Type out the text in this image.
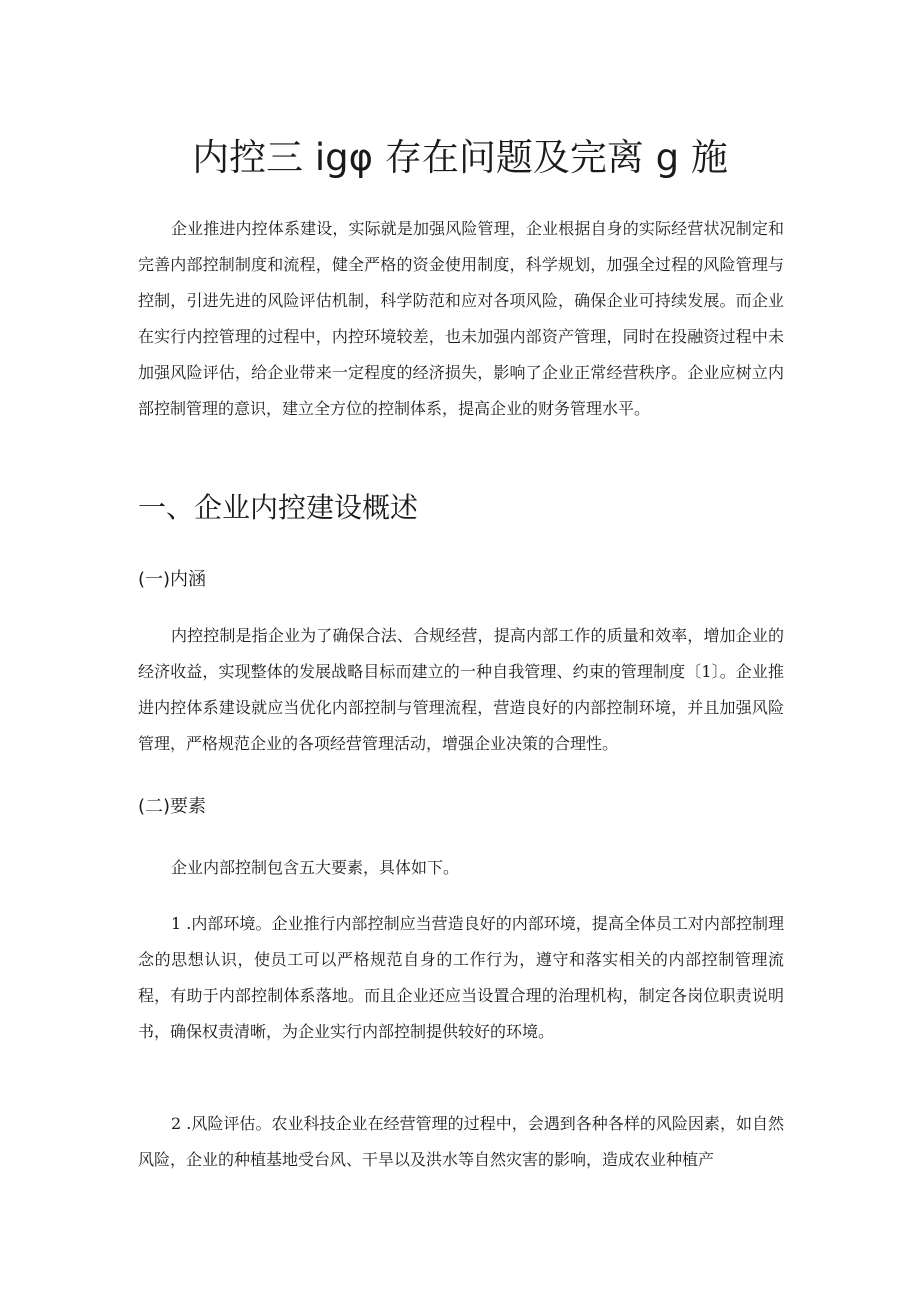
内控三 igφ 存在问题及完离 g 施

企业推进内控体系建设，实际就是加强风险管理，企业根据自身的实际经营状况制定和完善内部控制制度和流程，健全严格的资金使用制度，科学规划，加强全过程的风险管理与控制，引进先进的风险评估机制，科学防范和应对各项风险，确保企业可持续发展。而企业在实行内控管理的过程中，内控环境较差，也未加强内部资产管理，同时在投融资过程中未加强风险评估，给企业带来一定程度的经济损失，影响了企业正常经营秩序。企业应树立内部控制管理的意识，建立全方位的控制体系，提高企业的财务管理水平。

一、企业内控建设概述
(一)内涵

内控控制是指企业为了确保合法、合规经营，提高内部工作的质量和效率，增加企业的经济收益，实现整体的发展战略目标而建立的一种自我管理、约束的管理制度〔1〕。企业推进内控体系建设就应当优化内部控制与管理流程，营造良好的内部控制环境，并且加强风险管理，严格规范企业的各项经营管理活动，增强企业决策的合理性。

(二)要素

企业内部控制包含五大要素，具体如下。

1 .内部环境。企业推行内部控制应当营造良好的内部环境，提高全体员工对内部控制理念的思想认识，使员工可以严格规范自身的工作行为，遵守和落实相关的内部控制管理流程，有助于内部控制体系落地。而且企业还应当设置合理的治理机构，制定各岗位职责说明书，确保权责清晰，为企业实行内部控制提供较好的环境。

2 .风险评估。农业科技企业在经营管理的过程中，会遇到各种各样的风险因素，如自然风险，企业的种植基地受台风、干旱以及洪水等自然灾害的影响，造成农业种植产
